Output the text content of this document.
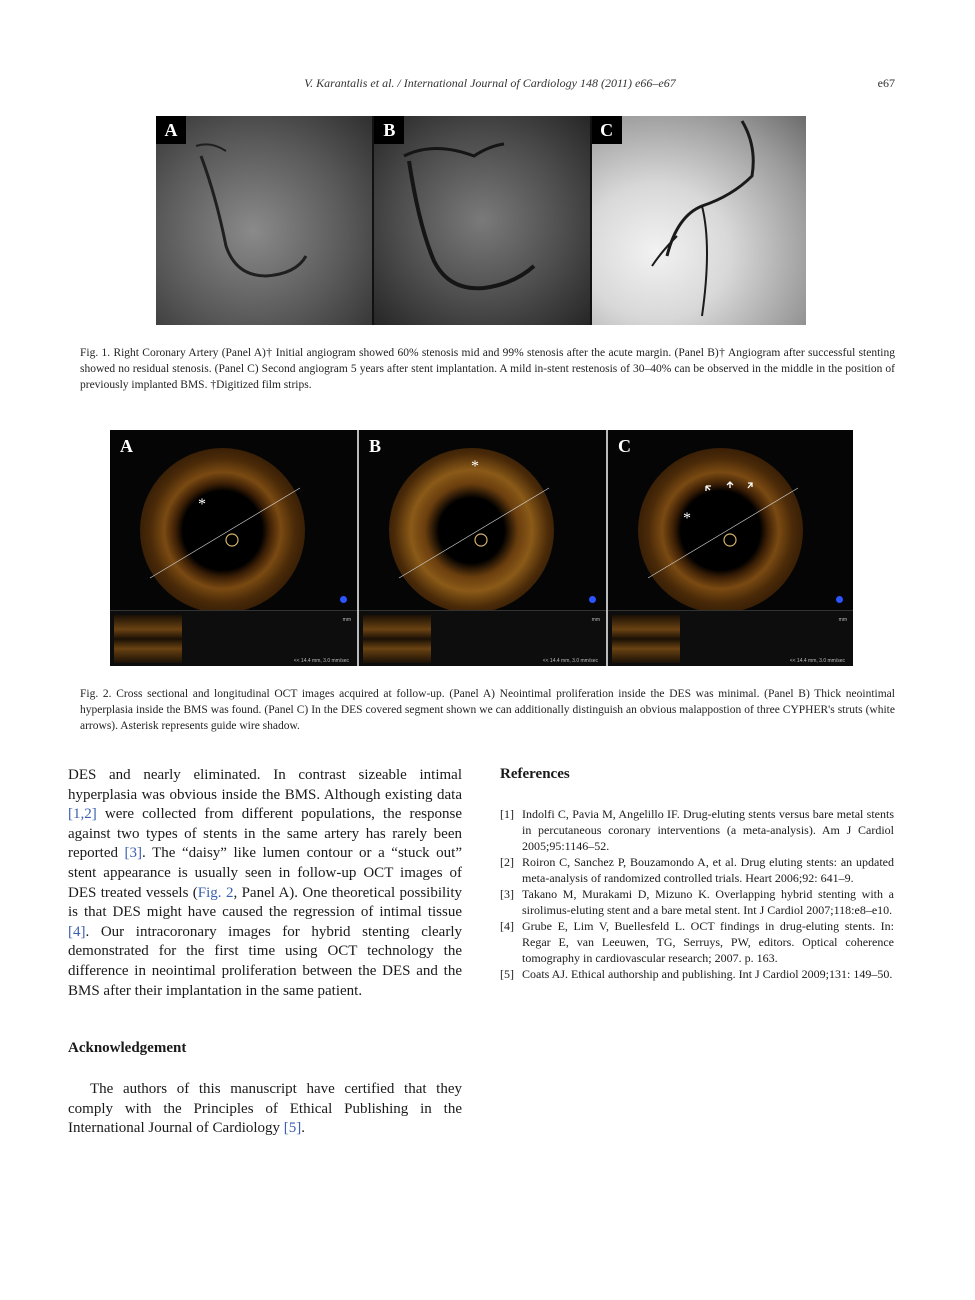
V. Karantalis et al. / International Journal of Cardiology 148 (2011) e66–e67	e67
A	B	C
Fig. 1. Right Coronary Artery (Panel A)† Initial angiogram showed 60% stenosis mid and 99% stenosis after the acute margin. (Panel B)† Angiogram after successful stenting showed no residual stenosis. (Panel C) Second angiogram 5 years after stent implantation. A mild in-stent restenosis of 30–40% can be observed in the middle in the position of previously implanted BMS. †Digitized film strips.
A
*
mm
<< 14.4 mm, 3.0 mm/sec
B
*
mm
<< 14.4 mm, 3.0 mm/sec
C
*
mm
<< 14.4 mm, 3.0 mm/sec
Fig. 2. Cross sectional and longitudinal OCT images acquired at follow-up. (Panel A) Neointimal proliferation inside the DES was minimal. (Panel B) Thick neointimal hyperplasia inside the BMS was found. (Panel C) In the DES covered segment shown we can additionally distinguish an obvious malappostion of three CYPHER's struts (white arrows). Asterisk represents guide wire shadow.
DES and nearly eliminated. In contrast sizeable intimal hyperplasia was obvious inside the BMS. Although existing data [1,2] were collected from different populations, the response against two types of stents in the same artery has rarely been reported [3]. The “daisy” like lumen contour or a “stuck out” stent appearance is usually seen in follow-up OCT images of DES treated vessels (Fig. 2, Panel A). One theoretical possibility is that DES might have caused the regression of intimal tissue [4]. Our intracoronary images for hybrid stenting clearly demonstrated for the first time using OCT technology the difference in neointimal proliferation between the DES and the BMS after their implantation in the same patient.
Acknowledgement
The authors of this manuscript have certified that they comply with the Principles of Ethical Publishing in the International Journal of Cardiology [5].
References
[1] Indolfi C, Pavia M, Angelillo IF. Drug-eluting stents versus bare metal stents in percutaneous coronary interventions (a meta-analysis). Am J Cardiol 2005;95:1146–52.
[2] Roiron C, Sanchez P, Bouzamondo A, et al. Drug eluting stents: an updated meta-analysis of randomized controlled trials. Heart 2006;92: 641–9.
[3] Takano M, Murakami D, Mizuno K. Overlapping hybrid stenting with a sirolimus-eluting stent and a bare metal stent. Int J Cardiol 2007;118:e8–e10.
[4] Grube E, Lim V, Buellesfeld L. OCT findings in drug-eluting stents. In: Regar E, van Leeuwen, TG, Serruys, PW, editors. Optical coherence tomography in cardiovascular research; 2007. p. 163.
[5] Coats AJ. Ethical authorship and publishing. Int J Cardiol 2009;131: 149–50.
